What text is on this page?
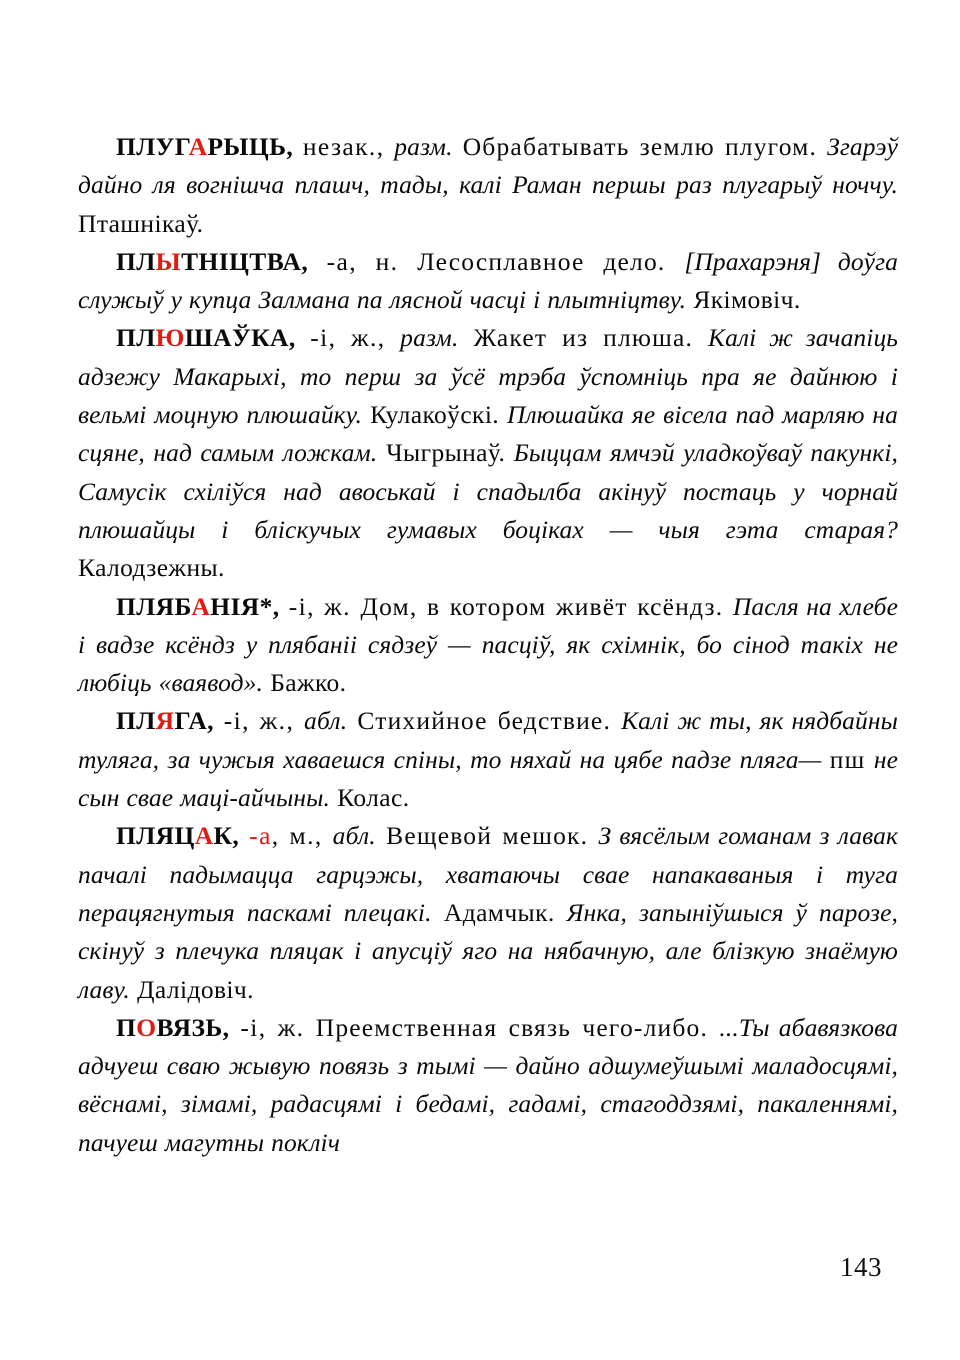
ПЛУГАРЫЦЬ, незак., разм. Обрабатывать землю плугом. Згарэў дайно ля вогнішча плашч, тады, калі Раман першы раз плугарыў ноччу. Пташнікаў.

ПЛЫТНІЦТВА, -а, н. Лесосплавное дело. [Прахарэня] доўга служыў у купца Залмана па лясной часці і плытніцтву. Якімовіч.

ПЛЮШАЎКА, -і, ж., разм. Жакет из плюша. Калі ж зачапіць адзежу Макарыхі, то перш за ўсё трэба ўспомніць пра яе дайнюю і вельмі моцную плюшайку. Кулакоўскі. Плюшайка яе вісела пад марляю на сцяне, над самым ложкам. Чыгрынаў. Быццам ямчэй уладкоўваў пакункі, Самусік схіліўся над авоськай і спадылба акінуў постаць у чорнай плюшайцы і бліскучых гумавых боціках — чыя гэта старая? Калодзежны.

ПЛЯБАНІЯ*, -і, ж. Дом, в котором живёт ксёндз. Пасля на хлебе і вадзе ксёндз у плябаніі сядзеў — пасціў, як схімнік, бо сінод такіх не любіць «ваявод». Бажко.

ПЛЯГА, -і, ж., абл. Стихийное бедствие. Калі ж ты, як нядбайны туляга, за чужыя хаваешся спіны, то няхай на цябе падзе пляга— пш не сын свае маці-айчыны. Колас.

ПЛЯЦАК, -а, м., абл. Вещевой мешок. З вясёлым гоманам з лавак пачалі падымацца гарцэжы, хватаючы свае напакаваныя і туга перацягнутыя паскамі плецакі. Адамчык. Янка, запыніўшыся ў парозе, скінуў з плечука пляцак і апусціў яго на нябачную, але блізкую знаёмую лаву. Далідовіч.

ПОВЯЗЬ, -і, ж. Преемственная связь чего-либо. ...Ты абавязкова адчуеш сваю жывую повязь з тымі — дайно адшумеўшымі маладосцямі, вёснамі, зімамі, радасцямі і бедамі, гадамі, стагоддзямі, пакаленнямі, пачуеш магутны покліч

143
